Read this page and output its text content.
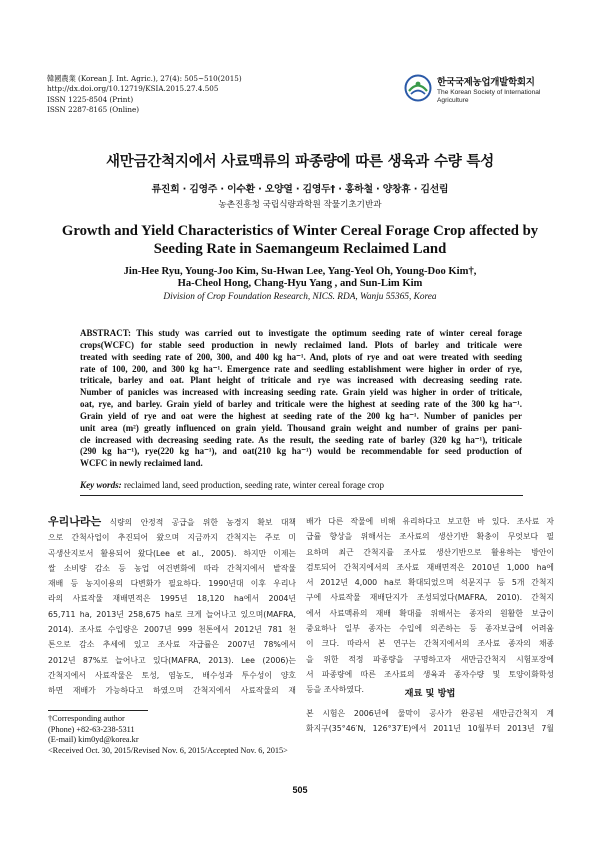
韓國農業 (Korean J. Int. Agric.), 27(4): 505~510(2015)
http://dx.doi.org/10.12719/KSIA.2015.27.4.505
ISSN 1225-8504 (Print)
ISSN 2287-8165 (Online)
한국국제농업개발학회지
The Korean Society of International Agriculture
새만금간척지에서 사료맥류의 파종량에 따른 생육과 수량 특성
류진희 · 김영주 · 이수환 · 오양열 · 김영두† · 홍하철 · 양창휴 · 김선림
농촌진흥청 국립식량과학원 작물기초기반과
Growth and Yield Characteristics of Winter Cereal Forage Crop affected by Seeding Rate in Saemangeum Reclaimed Land
Jin-Hee Ryu, Young-Joo Kim, Su-Hwan Lee, Yang-Yeol Oh, Young-Doo Kim†,
Ha-Cheol Hong, Chang-Hyu Yang , and Sun-Lim Kim
Division of Crop Foundation Research, NICS. RDA, Wanju 55365, Korea
ABSTRACT: This study was carried out to investigate the optimum seeding rate of winter cereal forage
crops(WCFC) for stable seed production in newly reclaimed land. Plots of barley and triticale were
treated with seeding rate of 200, 300, and 400 kg ha⁻¹. And, plots of rye and oat were treated with seeding
rate of 100, 200, and 300 kg ha⁻¹. Emergence rate and seedling establishment were higher in order of rye,
triticale, barley and oat. Plant height of triticale and rye was increased with decreasing seeding rate.
Number of panicles was increased with increasing seeding rate. Grain yield was higher in order of triticale,
oat, rye, and barley. Grain yield of barley and triticale were the highest at seeding rate of the 300 kg ha⁻¹.
Grain yield of rye and oat were the highest at seeding rate of the 200 kg ha⁻¹. Number of panicles per
unit area (m²) greatly influenced on grain yield. Thousand grain weight and number of grains per pani-
cle increased with decreasing seeding rate. As the result, the seeding rate of barley (320 kg ha⁻¹), triticale
(290 kg ha⁻¹), rye(220 kg ha⁻¹), and oat(210 kg ha⁻¹) would be recommendable for seed production of
WCFC in newly reclaimed land.
Key words: reclaimed land, seed production, seeding rate, winter cereal forage crop
우리나라는 식량의 안정적 공급을 위한 농경지 확보 대책
으로 간척사업이 추진되어 왔으며 지금까지 간척지는 주로 미
곡생산지로서 활용되어 왔다(Lee et al., 2005). 하지만 이제는
쌀 소비량 감소 등 농업 여건변화에 따라 간척지에서 밭작물
재배 등 농지이용의 다변화가 필요하다. 1990년대 이후 우리나
라의 사료작물 재배면적은 1995년 18,120 ha에서 2004년
65,711 ha, 2013년 258,675 ha로 크게 늘어나고 있으며(MAFRA,
2014). 조사료 수입량은 2007년 999 천톤에서 2012년 781 천
톤으로 감소 추세에 있고 조사료 자급률은 2007년 78%에서
2012년 87%로 늘어나고 있다(MAFRA, 2013). Lee (2006)는
간척지에서 사료작물은 토성, 염농도, 배수성과 투수성이 양호
하면 재배가 가능하다고 하였으며 간척지에서 사료작물의 재
배가 다른 작물에 비해 유리하다고 보고한 바 있다. 조사료 자
급률 향상을 위해서는 조사료의 생산기반 확충이 무엇보다 필
요하며 최근 간척지를 조사료 생산기반으로 활용하는 방안이
검토되어 간척지에서의 조사료 재배면적은 2010년 1,000 ha에
서 2012년 4,000 ha로 확대되었으며 석문지구 등 5개 간척지
구에 사료작물 재배단지가 조성되었다(MAFRA, 2010). 간척지
에서 사료맥류의 재배 확대를 위해서는 종자의 원활한 보급이
중요하나 일부 종자는 수입에 의존하는 등 종자보급에 어려움
이 크다. 따라서 본 연구는 간척지에서의 조사료 종자의 채종
을 위한 적정 파종량을 구명하고자 새만금간척지 시험포장에
서 파종량에 따른 조사료의 생육과 종자수량 및 토양이화학성
등을 조사하였다.	재료 및 방법
본 시험은 2006년에 물막이 공사가 완공된 새만금간척지 계
화지구(35°46′N, 126°37′E)에서 2011년 10월부터 2013년 7월
†Corresponding author
(Phone) +82-63-238-5311
(E-mail) kim0yd@korea.kr
<Received Oct. 30, 2015/Revised Nov. 6, 2015/Accepted Nov. 6, 2015>
505
